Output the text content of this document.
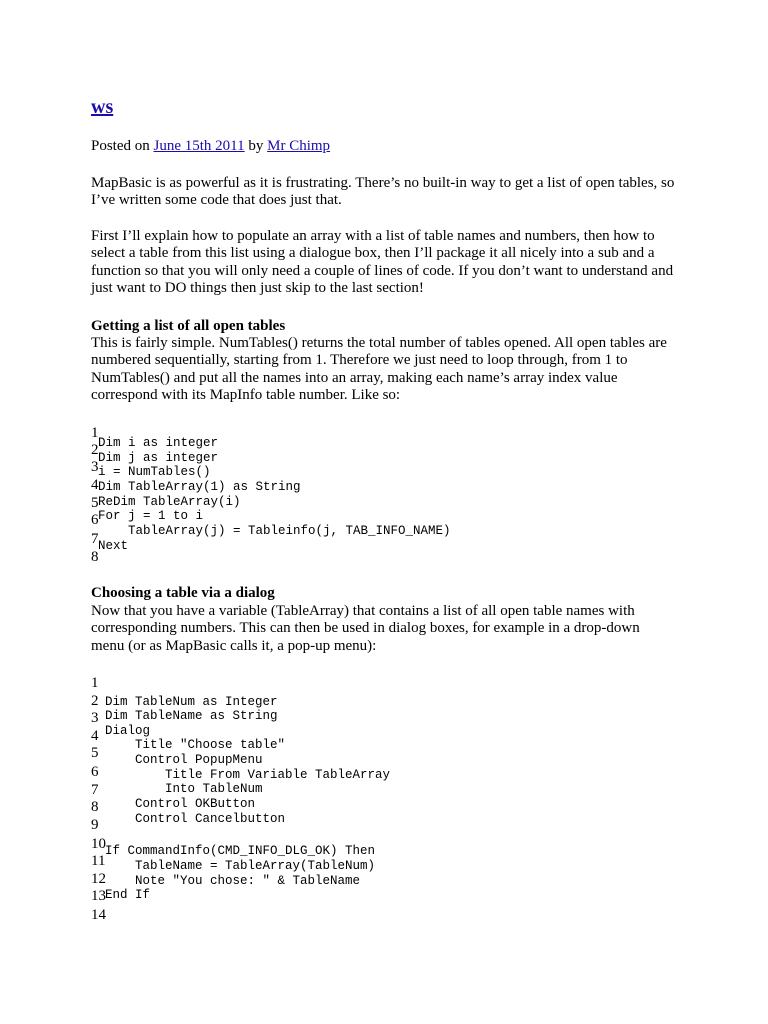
ws
Posted on June 15th 2011 by Mr Chimp
MapBasic is as powerful as it is frustrating. There’s no built-in way to get a list of open tables, so
I’ve written some code that does just that.
First I’ll explain how to populate an array with a list of table names and numbers, then how to
select a table from this list using a dialogue box, then I’ll package it all nicely into a sub and a
function so that you will only need a couple of lines of code. If you don’t want to understand and
just want to DO things then just skip to the last section!
Getting a list of all open tables
This is fairly simple. NumTables() returns the total number of tables opened. All open tables are
numbered sequentially, starting from 1. Therefore we just need to loop through, from 1 to
NumTables() and put all the names into an array, making each name’s array index value
correspond with its MapInfo table number. Like so:
1
2
3
4
5
6
7
8
Dim i as integer
Dim j as integer
i = NumTables()
Dim TableArray(1) as String
ReDim TableArray(i)
For j = 1 to i
TableArray(j) = Tableinfo(j, TAB_INFO_NAME)
Next
Choosing a table via a dialog
Now that you have a variable (TableArray) that contains a list of all open table names with
corresponding numbers. This can then be used in dialog boxes, for example in a drop-down
menu (or as MapBasic calls it, a pop-up menu):
1
2
3
4
5
6
7
8
9
10
11
12
13
14
Dim TableNum as Integer
Dim TableName as String
Dialog
Title "Choose table"
Control PopupMenu
Title From Variable TableArray
Into TableNum
Control OKButton
Control Cancelbutton
If CommandInfo(CMD_INFO_DLG_OK) Then
TableName = TableArray(TableNum)
Note "You chose: " & TableName
End If
